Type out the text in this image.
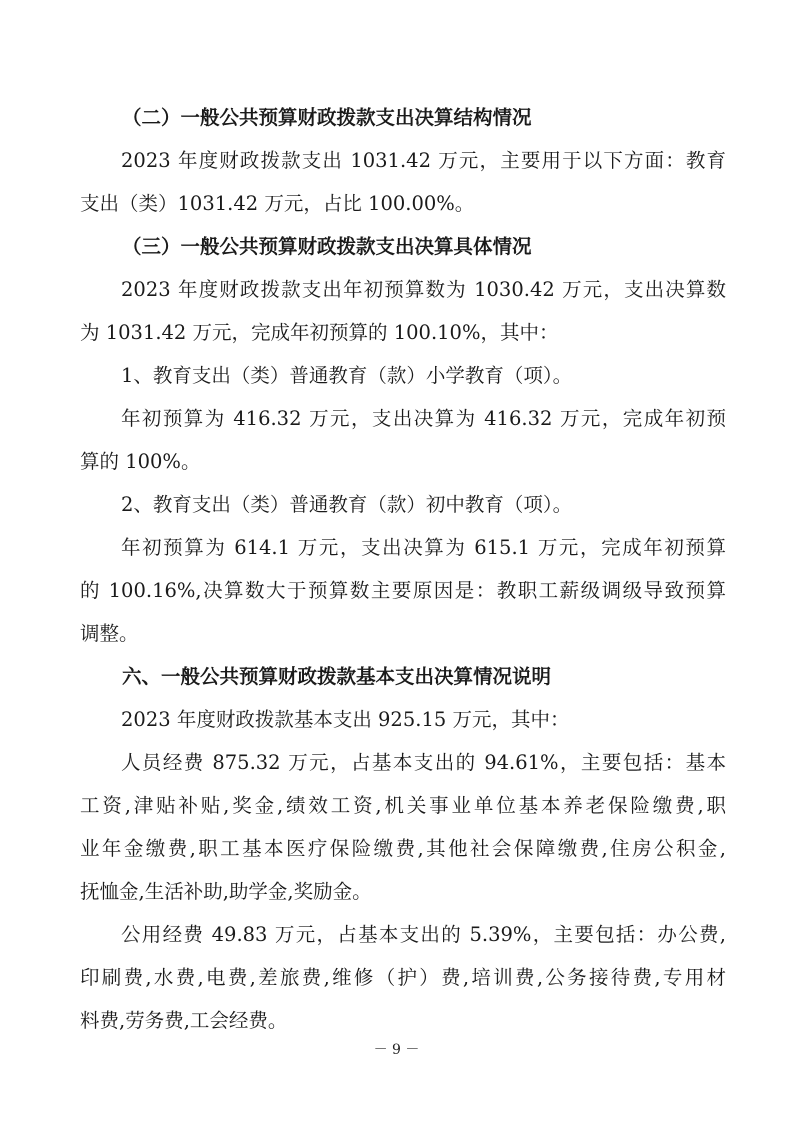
（二）一般公共预算财政拨款支出决算结构情况
2023 年度财政拨款支出 1031.42 万元，主要用于以下方面：教育
支出（类）1031.42 万元，占比 100.00%。
（三）一般公共预算财政拨款支出决算具体情况
2023 年度财政拨款支出年初预算数为 1030.42 万元，支出决算数
为 1031.42 万元，完成年初预算的 100.10%，其中：
1、教育支出（类）普通教育（款）小学教育（项）。
年初预算为 416.32 万元，支出决算为 416.32 万元，完成年初预
算的 100%。
2、教育支出（类）普通教育（款）初中教育（项）。
年初预算为 614.1 万元，支出决算为 615.1 万元，完成年初预算
的 100.16%,决算数大于预算数主要原因是：教职工薪级调级导致预算
调整。
六、一般公共预算财政拨款基本支出决算情况说明
2023 年度财政拨款基本支出 925.15 万元，其中：
人员经费 875.32 万元，占基本支出的 94.61%，主要包括：基本
工资,津贴补贴,奖金,绩效工资,机关事业单位基本养老保险缴费,职
业年金缴费,职工基本医疗保险缴费,其他社会保障缴费,住房公积金,
抚恤金,生活补助,助学金,奖励金。
公用经费 49.83 万元，占基本支出的 5.39%，主要包括：办公费,
印刷费,水费,电费,差旅费,维修（护）费,培训费,公务接待费,专用材
料费,劳务费,工会经费。
－ 9 －
